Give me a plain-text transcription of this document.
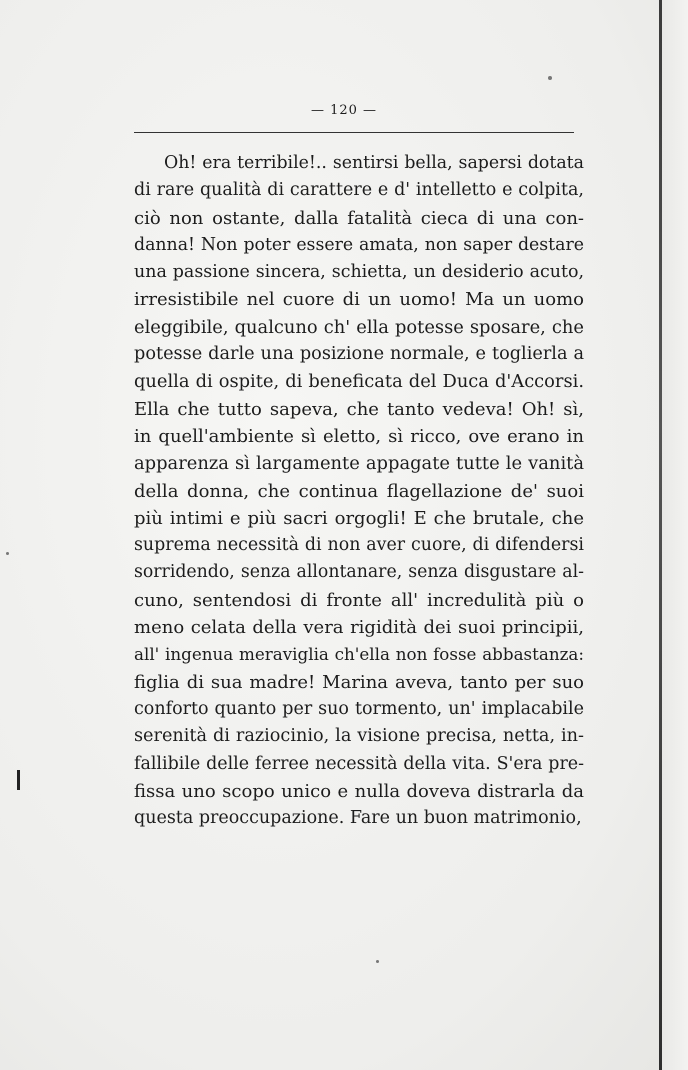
— 120 —
Oh! era terribile!.. sentirsi bella, sapersi dotata
di rare qualità di carattere e d' intelletto e colpita,
ciò non ostante, dalla fatalità cieca di una con-
danna! Non poter essere amata, non saper destare
una passione sincera, schietta, un desiderio acuto,
irresistibile nel cuore di un uomo! Ma un uomo
eleggibile, qualcuno ch' ella potesse sposare, che
potesse darle una posizione normale, e toglierla a
quella di ospite, di beneficata del Duca d'Accorsi.
Ella che tutto sapeva, che tanto vedeva! Oh! sì,
in quell'ambiente sì eletto, sì ricco, ove erano in
apparenza sì largamente appagate tutte le vanità
della donna, che continua flagellazione de' suoi
più intimi e più sacri orgogli! E che brutale, che
suprema necessità di non aver cuore, di difendersi
sorridendo, senza allontanare, senza disgustare al-
cuno, sentendosi di fronte all' incredulità più o
meno celata della vera rigidità dei suoi principii,
all' ingenua meraviglia ch'ella non fosse abbastanza:
figlia di sua madre! Marina aveva, tanto per suo
conforto quanto per suo tormento, un' implacabile
serenità di raziocinio, la visione precisa, netta, in-
fallibile delle ferree necessità della vita. S'era pre-
fissa uno scopo unico e nulla doveva distrarla da
questa preoccupazione. Fare un buon matrimonio,
